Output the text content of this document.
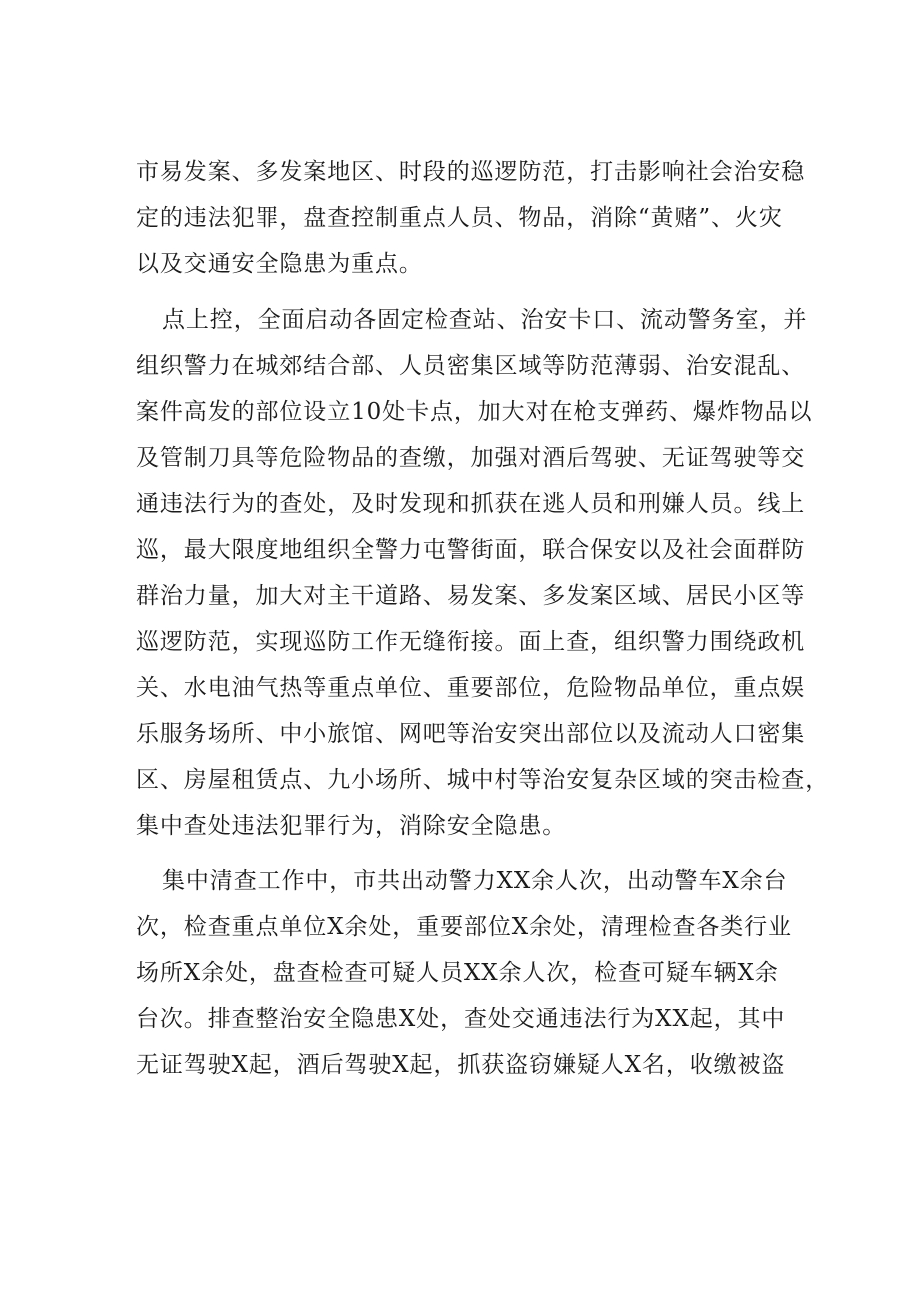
市易发案、多发案地区、时段的巡逻防范，打击影响社会治安稳
定的违法犯罪，盘查控制重点人员、物品，消除“黄赌”、火灾
以及交通安全隐患为重点。
点上控，全面启动各固定检查站、治安卡口、流动警务室，并
组织警力在城郊结合部、人员密集区域等防范薄弱、治安混乱、
案件高发的部位设立10处卡点，加大对在枪支弹药、爆炸物品以
及管制刀具等危险物品的查缴，加强对酒后驾驶、无证驾驶等交
通违法行为的查处，及时发现和抓获在逃人员和刑嫌人员。线上
巡，最大限度地组织全警力屯警街面，联合保安以及社会面群防
群治力量，加大对主干道路、易发案、多发案区域、居民小区等
巡逻防范，实现巡防工作无缝衔接。面上查，组织警力围绕政机
关、水电油气热等重点单位、重要部位，危险物品单位，重点娱
乐服务场所、中小旅馆、网吧等治安突出部位以及流动人口密集
区、房屋租赁点、九小场所、城中村等治安复杂区域的突击检查，
集中查处违法犯罪行为，消除安全隐患。
集中清查工作中，市共出动警力XX余人次，出动警车X余台
次，检查重点单位X余处，重要部位X余处，清理检查各类行业
场所X余处，盘查检查可疑人员XX余人次，检查可疑车辆X余
台次。排查整治安全隐患X处，查处交通违法行为XX起，其中
无证驾驶X起，酒后驾驶X起，抓获盗窃嫌疑人X名，收缴被盗
